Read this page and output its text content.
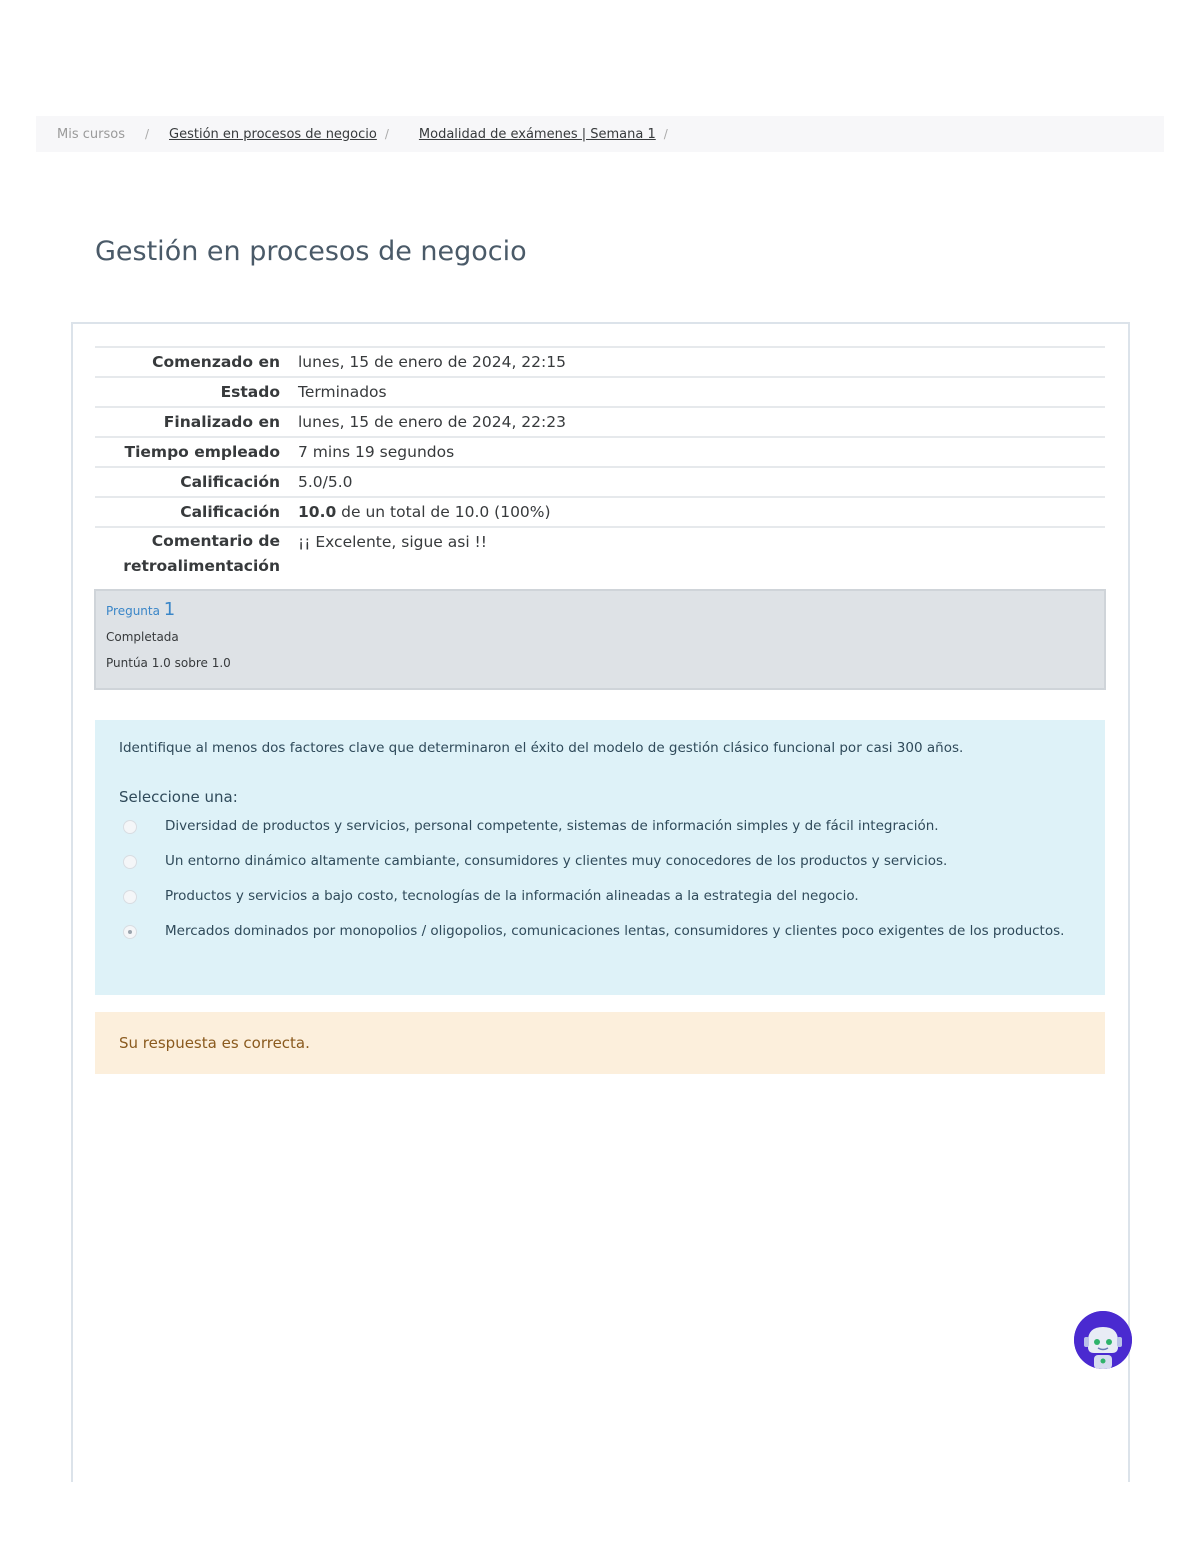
Mis cursos / Gestión en procesos de negocio / Modalidad de exámenes | Semana 1 /
Gestión en procesos de negocio
Comenzado en	lunes, 15 de enero de 2024, 22:15
Estado	Terminados
Finalizado en	lunes, 15 de enero de 2024, 22:23
Tiempo empleado	7 mins 19 segundos
Calificación	5.0/5.0
Calificación	10.0 de un total de 10.0 (100%)
Comentario de
retroalimentación	¡¡ Excelente, sigue asi !!
Pregunta 1
Completada
Puntúa 1.0 sobre 1.0
Identifique al menos dos factores clave que determinaron el éxito del modelo de gestión clásico funcional por casi 300 años.
Seleccione una:
Diversidad de productos y servicios, personal competente, sistemas de información simples y de fácil integración.
Un entorno dinámico altamente cambiante, consumidores y clientes muy conocedores de los productos y servicios.
Productos y servicios a bajo costo, tecnologías de la información alineadas a la estrategia del negocio.
Mercados dominados por monopolios / oligopolios, comunicaciones lentas, consumidores y clientes poco exigentes de los productos.
Su respuesta es correcta.
